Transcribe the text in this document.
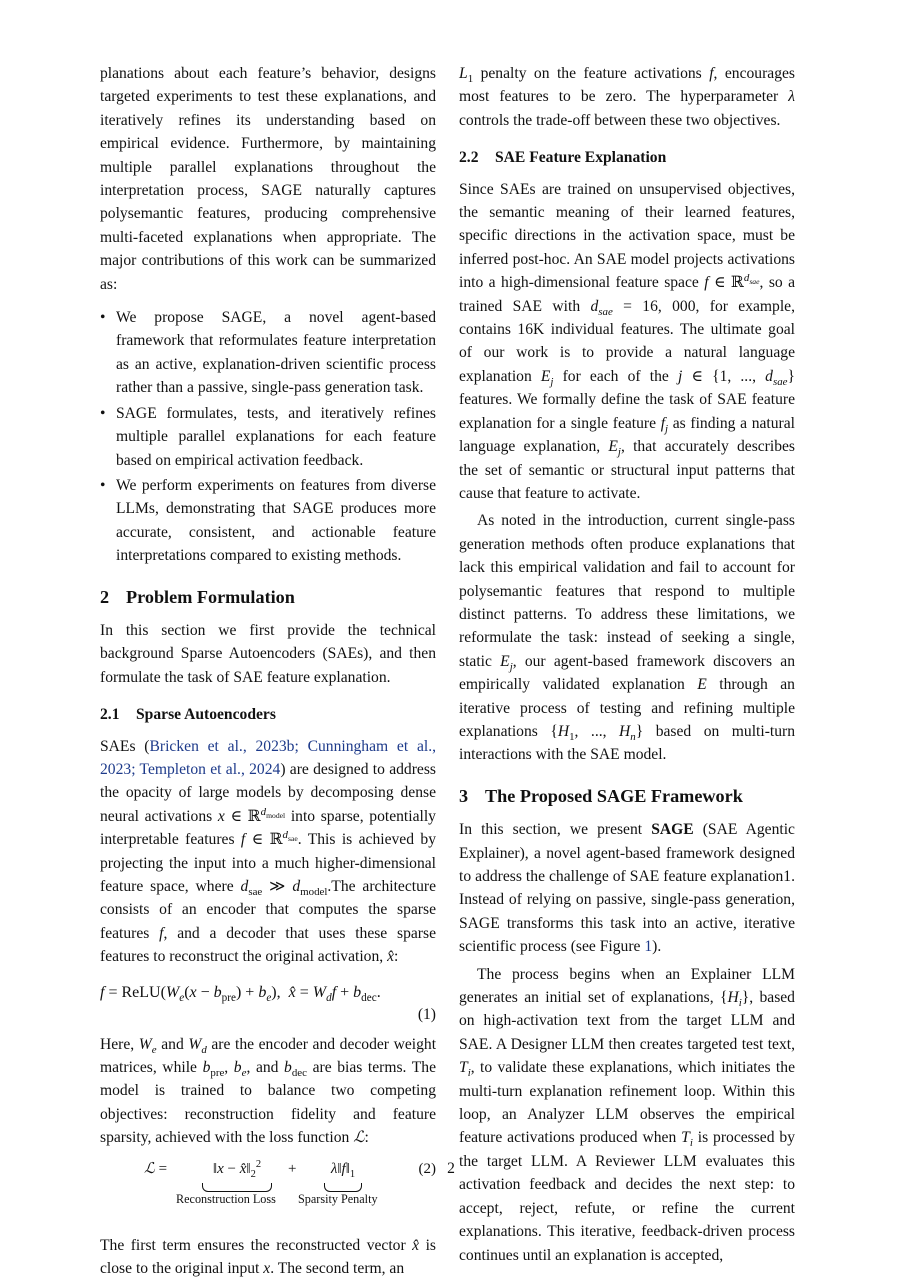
planations about each feature’s behavior, designs targeted experiments to test these explanations, and iteratively refines its understanding based on empirical evidence. Furthermore, by maintaining multiple parallel explanations throughout the interpretation process, SAGE naturally captures polysemantic features, producing comprehensive multi-faceted explanations when appropriate. The major contributions of this work can be summarized as:

• We propose SAGE, a novel agent-based framework that reformulates feature interpretation as an active, explanation-driven scientific process rather than a passive, single-pass generation task.
• SAGE formulates, tests, and iteratively refines multiple parallel explanations for each feature based on empirical activation feedback.
• We perform experiments on features from diverse LLMs, demonstrating that SAGE produces more accurate, consistent, and actionable feature interpretations compared to existing methods.
2 Problem Formulation

In this section we first provide the technical background Sparse Autoencoders (SAEs), and then formulate the task of SAE feature explanation.

2.1 Sparse Autoencoders

SAEs (Bricken et al., 2023b; Cunningham et al., 2023; Templeton et al., 2024) are designed to address the opacity of large models by decomposing dense neural activations x ∈ ℝ$^{d_{model}}$ into sparse, potentially interpretable features f ∈ ℝ$^{d_{sae}}$. This is achieved by projecting the input into a much higher-dimensional feature space, where $d_{sae}$ ≫ $d_{model}.The$ architecture consists of an encoder that computes the sparse features f, and a decoder that uses these sparse features to reconstruct the original activation, x̂:

$f = ReLU(W_e(x - b_{pre}) + b_e)$,  x̂ = $W_df + b_{dec}$.
(1)

Here, $W_e$ and $W_d$ are the encoder and decoder weight matrices, while $b_{pre}$, $b_e$, and $b_{dec}$ are bias terms. The model is trained to balance two competing objectives: reconstruction fidelity and feature sparsity, achieved with the loss function ℒ:

ℒ =	‖x − $x̂‖_2^2$	+	$\lambda‖f‖_1$	(2)
Reconstruction Loss Sparsity Penalty

The first term ensures the reconstructed vector x̂ is close to the original input x. The second term, an

$L_1$ penalty on the feature activations f, encourages most features to be zero. The hyperparameter λ controls the trade-off between these two objectives.

2.2 SAE Feature Explanation

Since SAEs are trained on unsupervised objectives, the semantic meaning of their learned features, specific directions in the activation space, must be inferred post-hoc. An SAE model projects activations into a high-dimensional feature space f ∈ ℝ$^{d_{sae}}$, so a trained SAE with $d_{sae} = 16$, 000, for example, contains 16K individual features. The ultimate goal of our work is to provide a natural language explanation $E_j$ for each of the j ∈ {1, ..., $d_{sae}$} features. We formally define the task of SAE feature explanation for a single feature $f_j$ as finding a natural language explanation, $E_j$, that accurately describes the set of semantic or structural input patterns that cause that feature to activate.

As noted in the introduction, current single-pass generation methods often produce explanations that lack this empirical validation and fail to account for polysemantic features that respond to multiple distinct patterns. To address these limitations, we reformulate the task: instead of seeking a single, static $E_j$, our agent-based framework discovers an empirically validated explanation E through an iterative process of testing and refining multiple explanations {$H_1$, ..., $H_n$} based on multi-turn interactions with the SAE model.

3 The Proposed SAGE Framework

In this section, we present SAGE (SAE Agentic Explainer), a novel agent-based framework designed to address the challenge of SAE feature explanation1. Instead of relying on passive, single-pass generation, SAGE transforms this task into an active, iterative scientific process (see Figure 1).

The process begins when an Explainer LLM generates an initial set of explanations, $\{H_i\}$, based on high-activation text from the target LLM and SAE. A Designer LLM then creates targeted test text, $T_i$, to validate these explanations, which initiates the multi-turn explanation refinement loop. Within this loop, an Analyzer LLM observes the empirical feature activations produced when $T_i$ is processed by the target LLM. A Reviewer LLM evaluates this activation feedback and decides the next step: to accept, reject, refute, or refine the current explanations. This iterative, feedback-driven process continues until an explanation is accepted,

2
